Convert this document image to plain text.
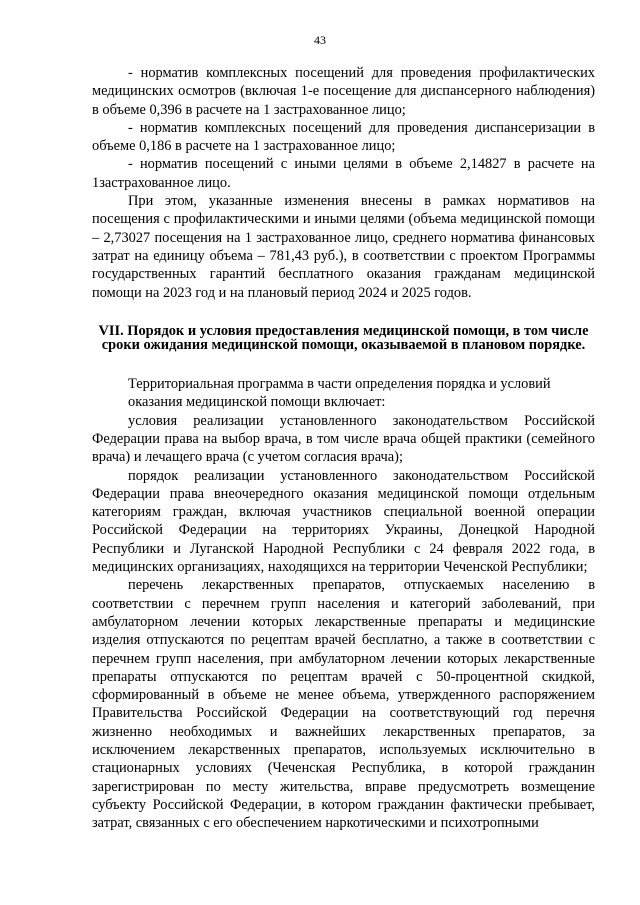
43

- норматив комплексных посещений для проведения профилактических медицинских осмотров (включая 1-е посещение для диспансерного наблюдения) в объеме 0,396 в расчете на 1 застрахованное лицо;

- норматив комплексных посещений для проведения диспансеризации в объеме 0,186 в расчете на 1 застрахованное лицо;

- норматив посещений с иными целями в объеме 2,14827 в расчете на 1застрахованное лицо.

При этом, указанные изменения внесены в рамках нормативов на посещения с профилактическими и иными целями (объема медицинской помощи – 2,73027 посещения на 1 застрахованное лицо, среднего норматива финансовых затрат на единицу объема – 781,43 руб.), в соответствии с проектом Программы государственных гарантий бесплатного оказания гражданам медицинской помощи на 2023 год и на плановый период 2024 и 2025 годов.

VII. Порядок и условия предоставления медицинской помощи, в том числе сроки ожидания медицинской помощи, оказываемой в плановом порядке.

Территориальная программа в части определения порядка и условий оказания медицинской помощи включает:

условия реализации установленного законодательством Российской Федерации права на выбор врача, в том числе врача общей практики (семейного врача) и лечащего врача (с учетом согласия врача);

порядок реализации установленного законодательством Российской Федерации права внеочередного оказания медицинской помощи отдельным категориям граждан, включая участников специальной военной операции Российской Федерации на территориях Украины, Донецкой Народной Республики и Луганской Народной Республики с 24 февраля 2022 года, в медицинских организациях, находящихся на территории Чеченской Республики;

перечень лекарственных препаратов, отпускаемых населению в соответствии с перечнем групп населения и категорий заболеваний, при амбулаторном лечении которых лекарственные препараты и медицинские изделия отпускаются по рецептам врачей бесплатно, а также в соответствии с перечнем групп населения, при амбулаторном лечении которых лекарственные препараты отпускаются по рецептам врачей с 50-процентной скидкой, сформированный в объеме не менее объема, утвержденного распоряжением Правительства Российской Федерации на соответствующий год перечня жизненно необходимых и важнейших лекарственных препаратов, за исключением лекарственных препаратов, используемых исключительно в стационарных условиях (Чеченская Республика, в которой гражданин зарегистрирован по месту жительства, вправе предусмотреть возмещение субъекту Российской Федерации, в котором гражданин фактически пребывает, затрат, связанных с его обеспечением наркотическими и психотропными
